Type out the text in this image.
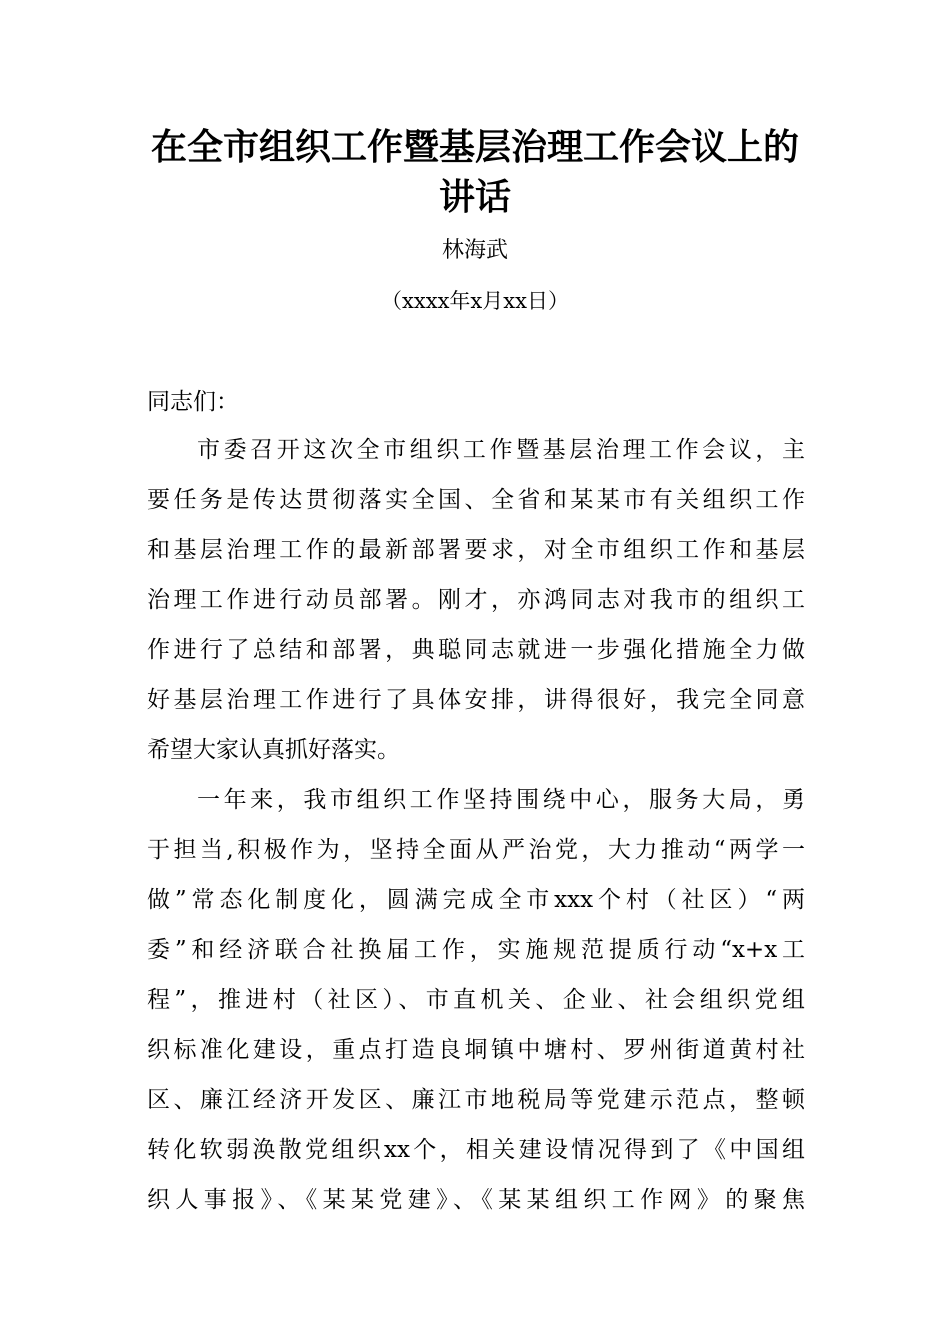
在全市组织工作暨基层治理工作会议上的
讲话
林海武
（xxxx年x月xx日）
同志们：
市委召开这次全市组织工作暨基层治理工作会议，主
要任务是传达贯彻落实全国、全省和某某市有关组织工作
和基层治理工作的最新部署要求，对全市组织工作和基层
治理工作进行动员部署。刚才，亦鸿同志对我市的组织工
作进行了总结和部署，典聪同志就进一步强化措施全力做
好基层治理工作进行了具体安排，讲得很好，我完全同意
希望大家认真抓好落实。
一年来，我市组织工作坚持围绕中心，服务大局，勇
于担当,积极作为，坚持全面从严治党，大力推动“两学一
做”常态化制度化，圆满完成全市xxx个村（社区）“两
委”和经济联合社换届工作，实施规范提质行动“x+x工
程”，推进村（社区）、市直机关、企业、社会组织党组
织标准化建设，重点打造良垌镇中塘村、罗州街道黄村社
区、廉江经济开发区、廉江市地税局等党建示范点，整顿
转化软弱涣散党组织xx个，相关建设情况得到了《中国组
织人事报》、《某某党建》、《某某组织工作网》的聚焦
